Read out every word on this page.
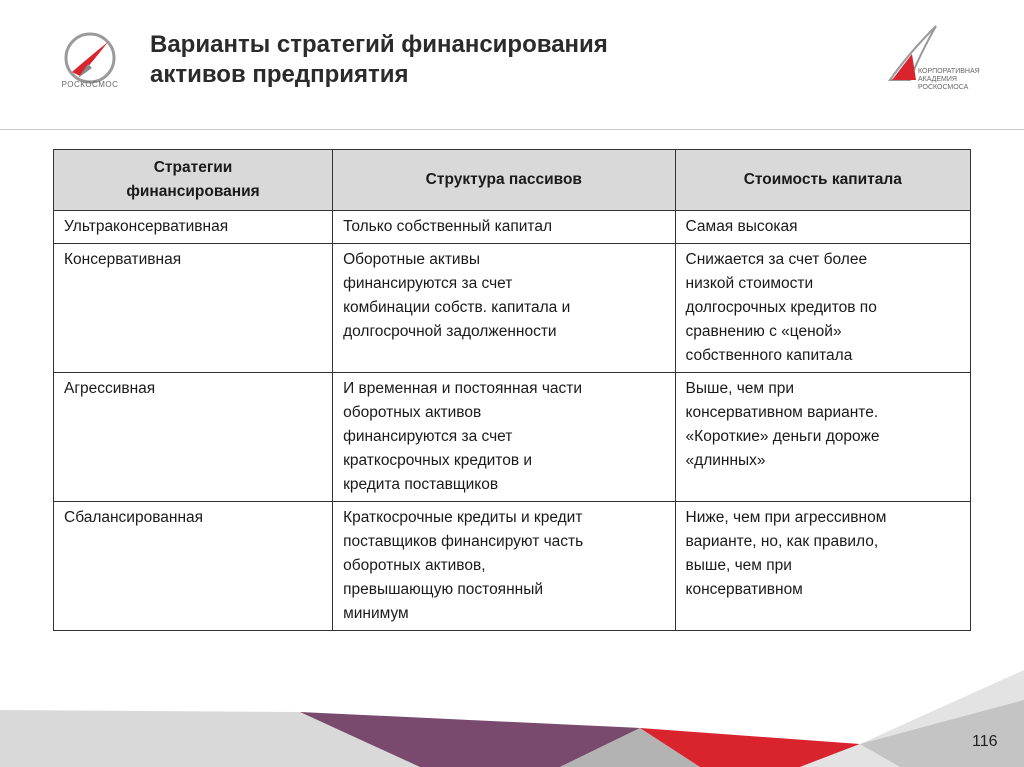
РОСКОСМОС
Варианты стратегий финансирования
активов предприятия	КОРПОРАТИВНАЯ АКАДЕМИЯ РОСКОСМОСА
Стратегии
финансирования	Структура пассивов	Стоимость капитала

Ультраконсервативная	Только собственный капитал	Самая высокая

Консервативная	Оборотные активы
финансируются за счет
комбинации собств. капитала и
долгосрочной задолженности	Снижается за счет более
низкой стоимости
долгосрочных кредитов по
сравнению с «ценой»
собственного капитала

Агрессивная	И временная и постоянная части
оборотных активов
финансируются за счет
краткосрочных кредитов и
кредита поставщиков	Выше, чем при
консервативном варианте.
«Короткие» деньги дороже
«длинных»

Сбалансированная	Краткосрочные кредиты и кредит
поставщиков финансируют часть
оборотных активов,
превышающую постоянный
минимум	Ниже, чем при агрессивном
варианте, но, как правило,
выше, чем при
консервативном
116
